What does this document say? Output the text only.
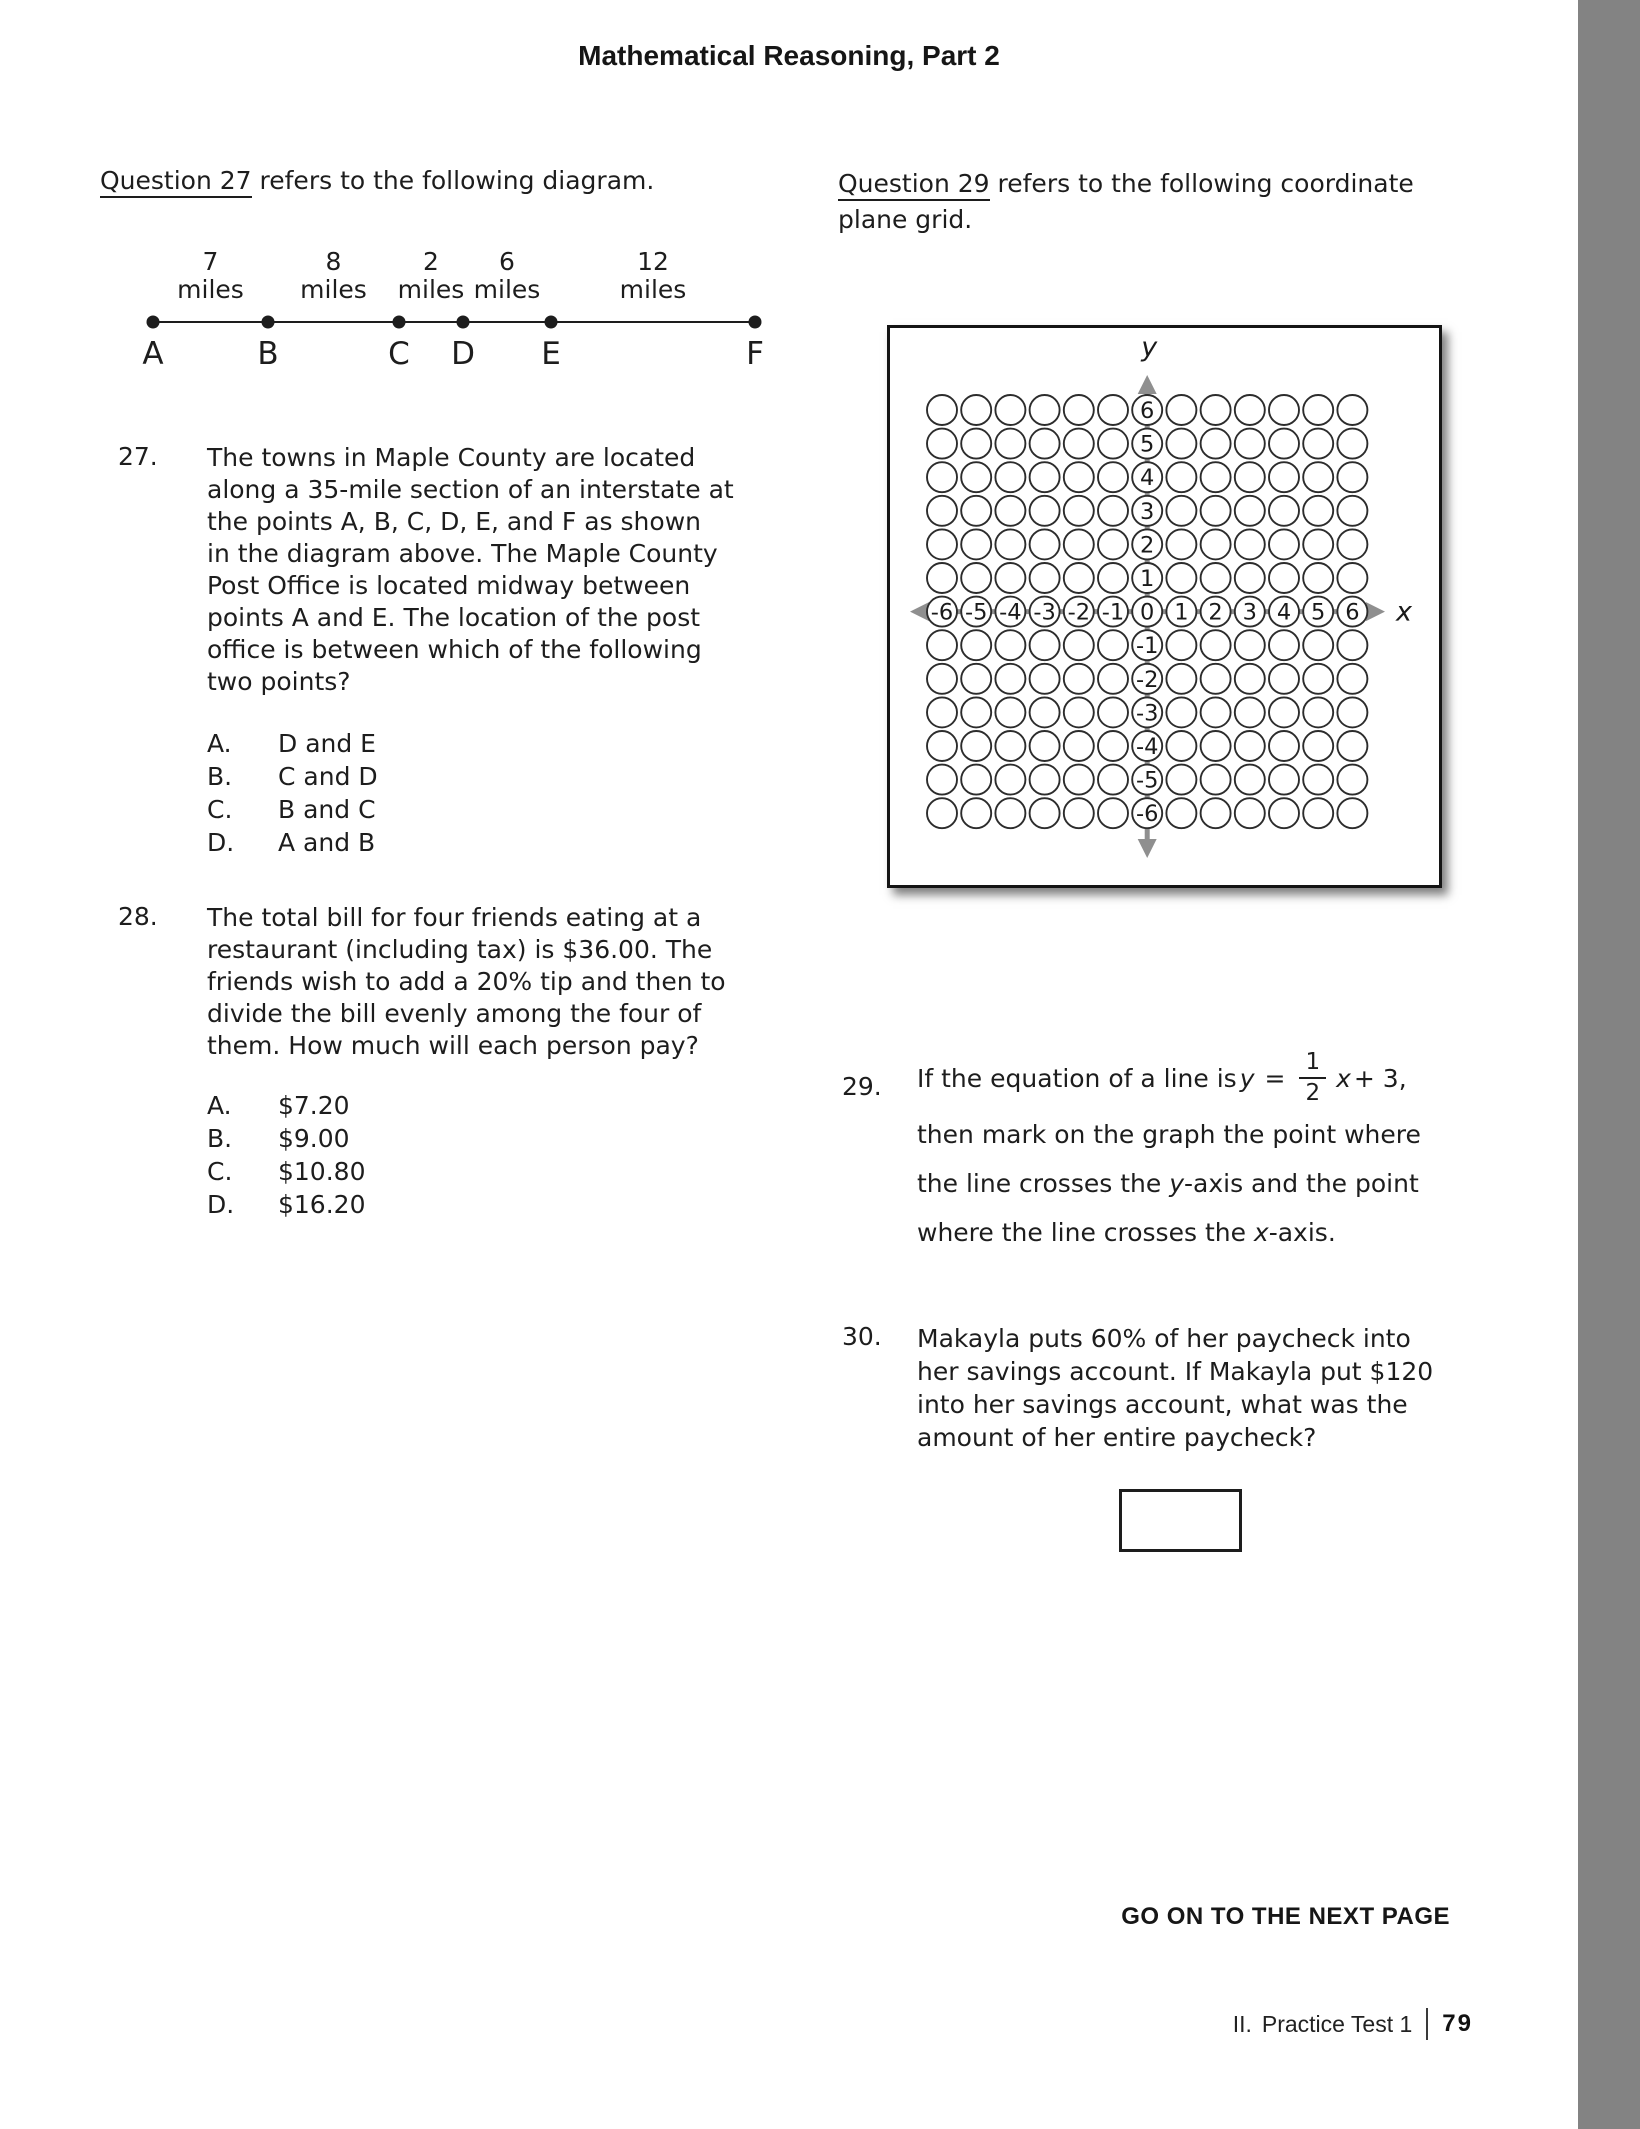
Mathematical Reasoning, Part 2
Question 27 refers to the following diagram.
7
miles
8
miles
2
miles
6
miles
12
miles
A	B	C D E	F
27. The towns in Maple County are located
along a 35-mile section of an interstate at
the points A, B, C, D, E, and F as shown
in the diagram above. The Maple County
Post Office is located midway between
points A and E. The location of the post
office is between which of the following
two points?
A. D and E
B. C and D
C. B and C
D. A and B
28. The total bill for four friends eating at a
restaurant (including tax) is $36.00. The
friends wish to add a 20% tip and then to
divide the bill evenly among the four of
them. How much will each person pay?
A. $7.20
B. $9.00
C. $10.80
D. $16.20
Question 29 refers to the following coordinate
plane grid.
6
5
4
3
2
1
-6 -5 -4 -3 -2 -1 0 1 2 3 4 5 6
-1
-2
-3
-4
-5
-6
y
x
29. If the equation of a line is $y = \frac{1}{2}$ x + 3,
then mark on the graph the point where
the line crosses the y-axis and the point
where the line crosses the x-axis.
30. Makayla puts 60% of her paycheck into
her savings account. If Makayla put $120
into her savings account, what was the
amount of her entire paycheck?
GO ON TO THE NEXT PAGE
II. Practice Test 1 79
